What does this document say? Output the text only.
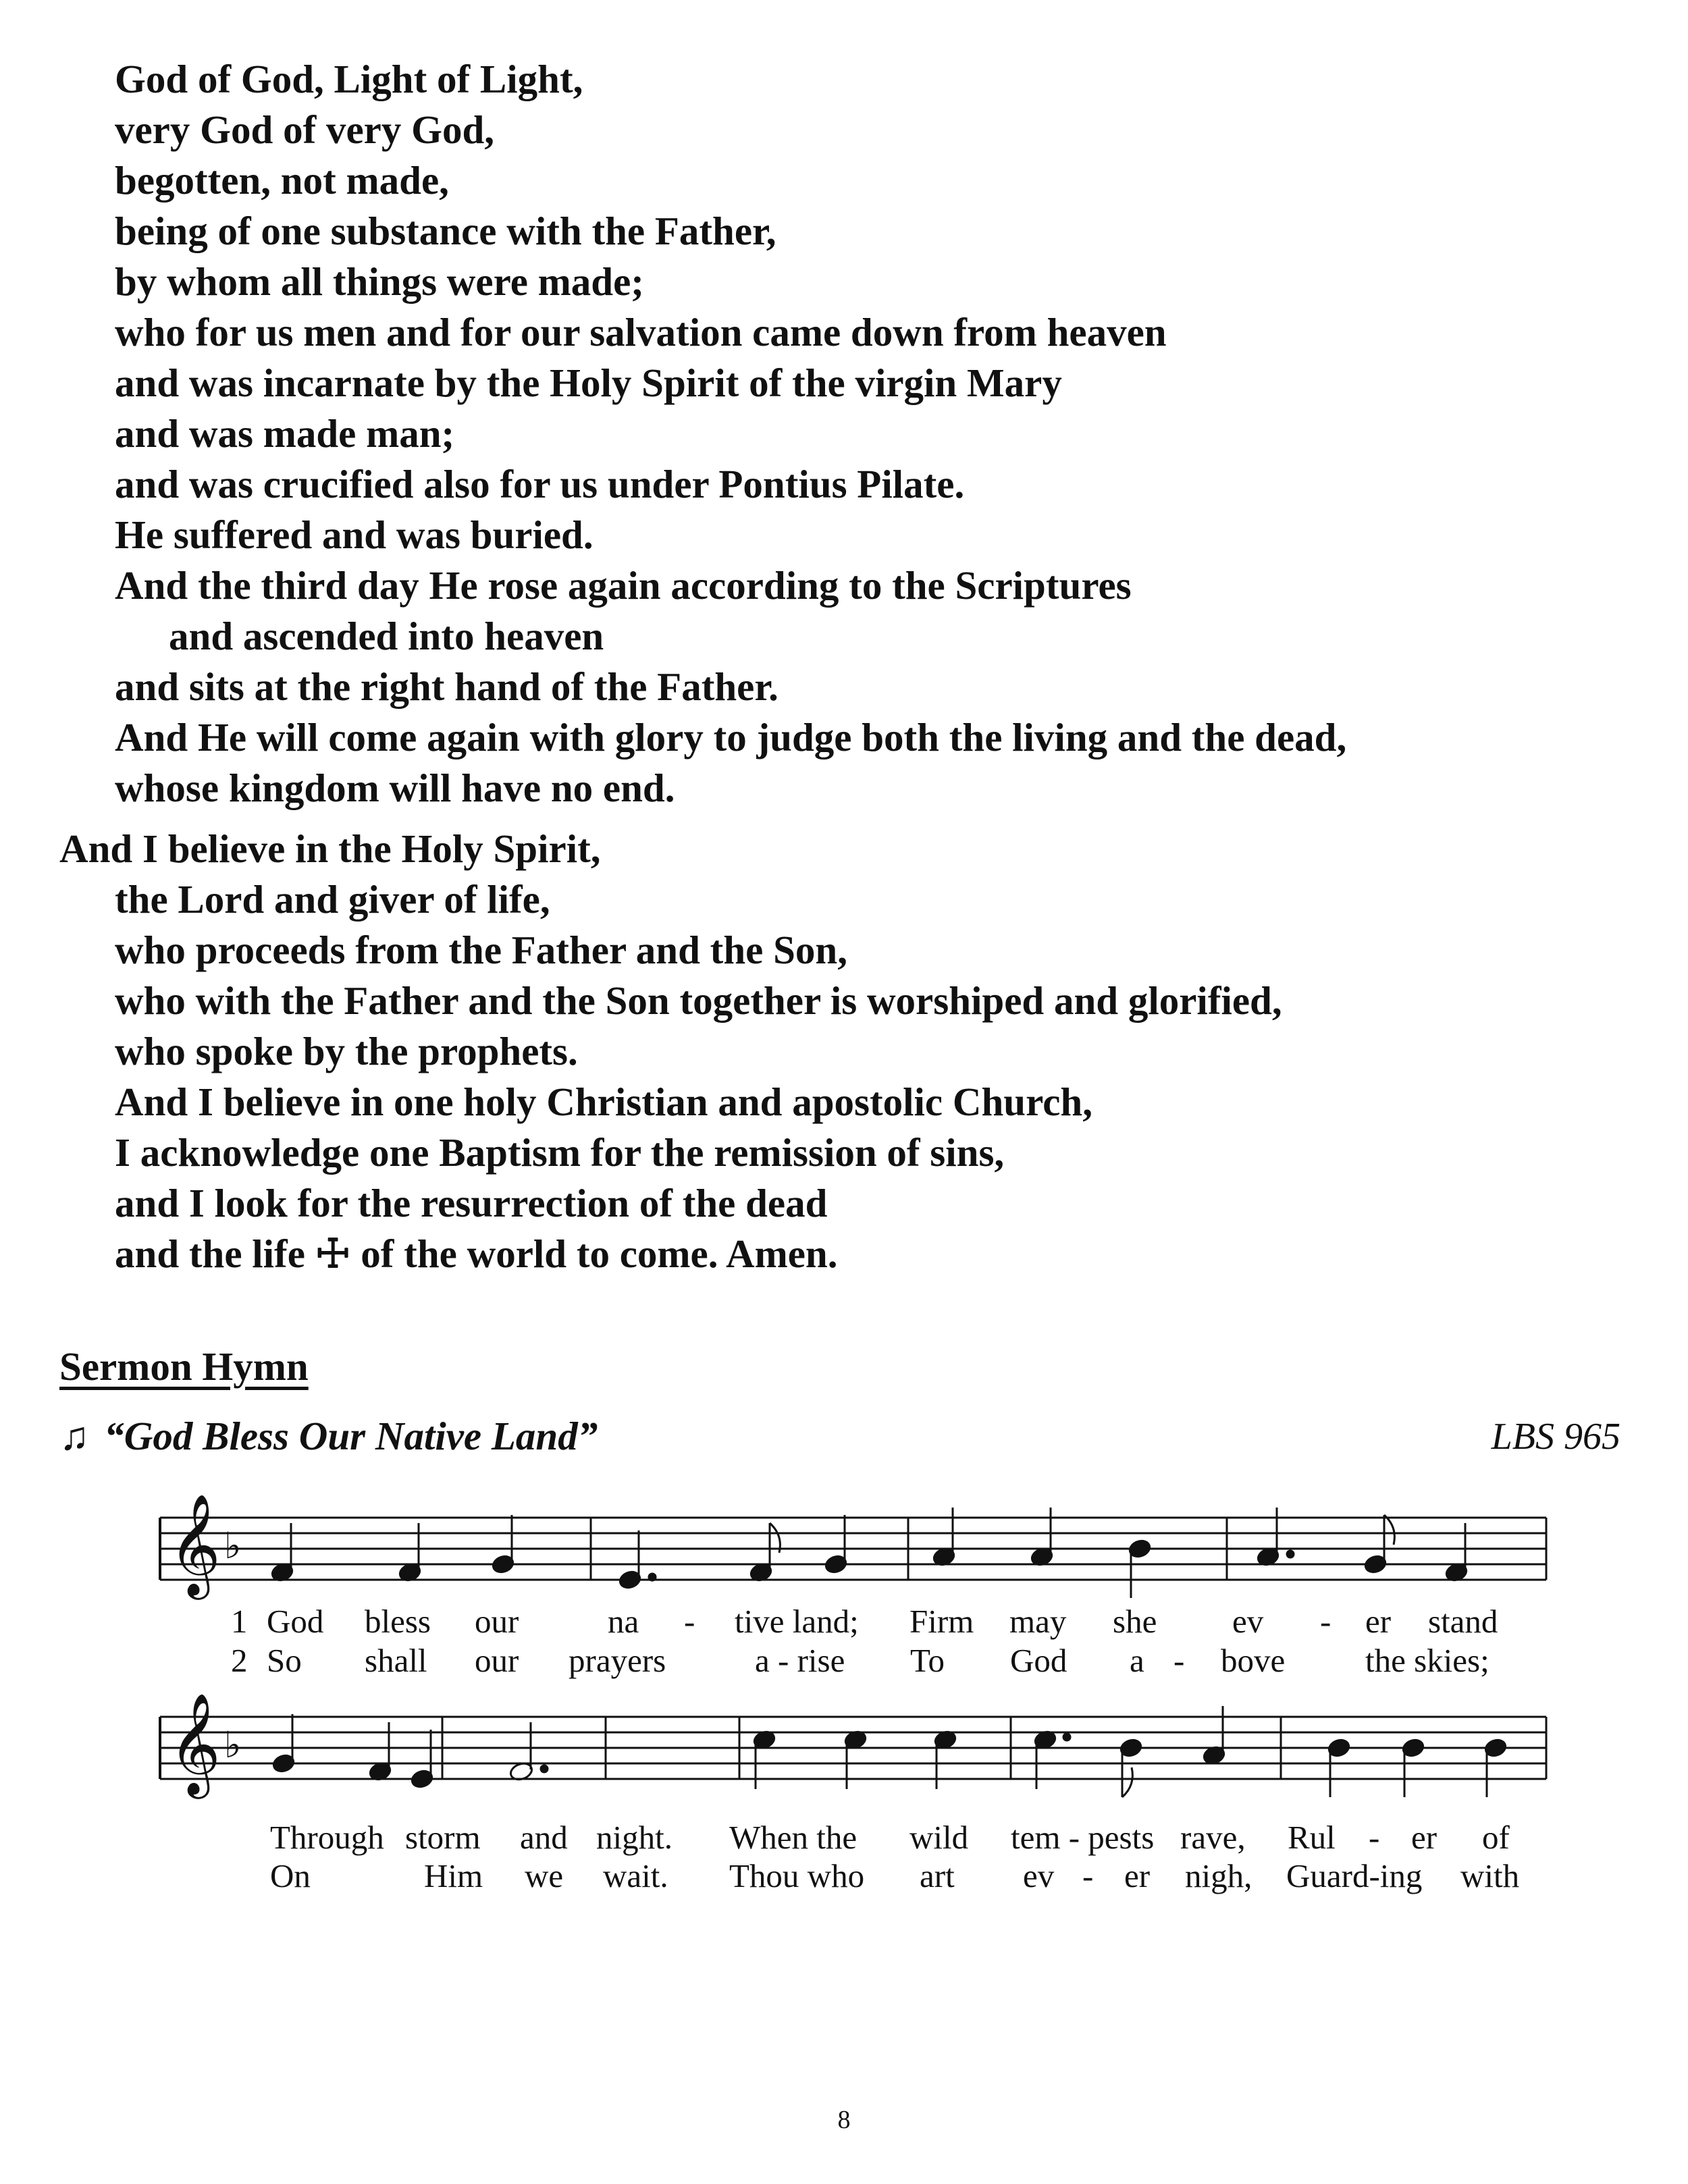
God of God, Light of Light,
very God of very God,
begotten, not made,
being of one substance with the Father,
by whom all things were made;
who for us men and for our salvation came down from heaven
and was incarnate by the Holy Spirit of the virgin Mary
and was made man;
and was crucified also for us under Pontius Pilate.
He suffered and was buried.
And the third day He rose again according to the Scriptures
and ascended into heaven
and sits at the right hand of the Father.
And He will come again with glory to judge both the living and the dead,
whose kingdom will have no end.
And I believe in the Holy Spirit,
the Lord and giver of life,
who proceeds from the Father and the Son,
who with the Father and the Son together is worshiped and glorified,
who spoke by the prophets.
And I believe in one holy Christian and apostolic Church,
I acknowledge one Baptism for the remission of sins,
and I look for the resurrection of the dead
and the life ☩ of the world to come. Amen.
Sermon Hymn
♫ “God Bless Our Native Land”	LBS 965
𝄞 ♭
𝄞 ♭
1 God bless our	na - tive land; Firm may she ev - er stand
2 So shall our prayers	a - rise To God a - bove the skies;
Through storm and night. When the wild tem - pests rave, Rul - er of
On	Him we wait. Thou who art ev - er nigh, Guard-ing with
8
